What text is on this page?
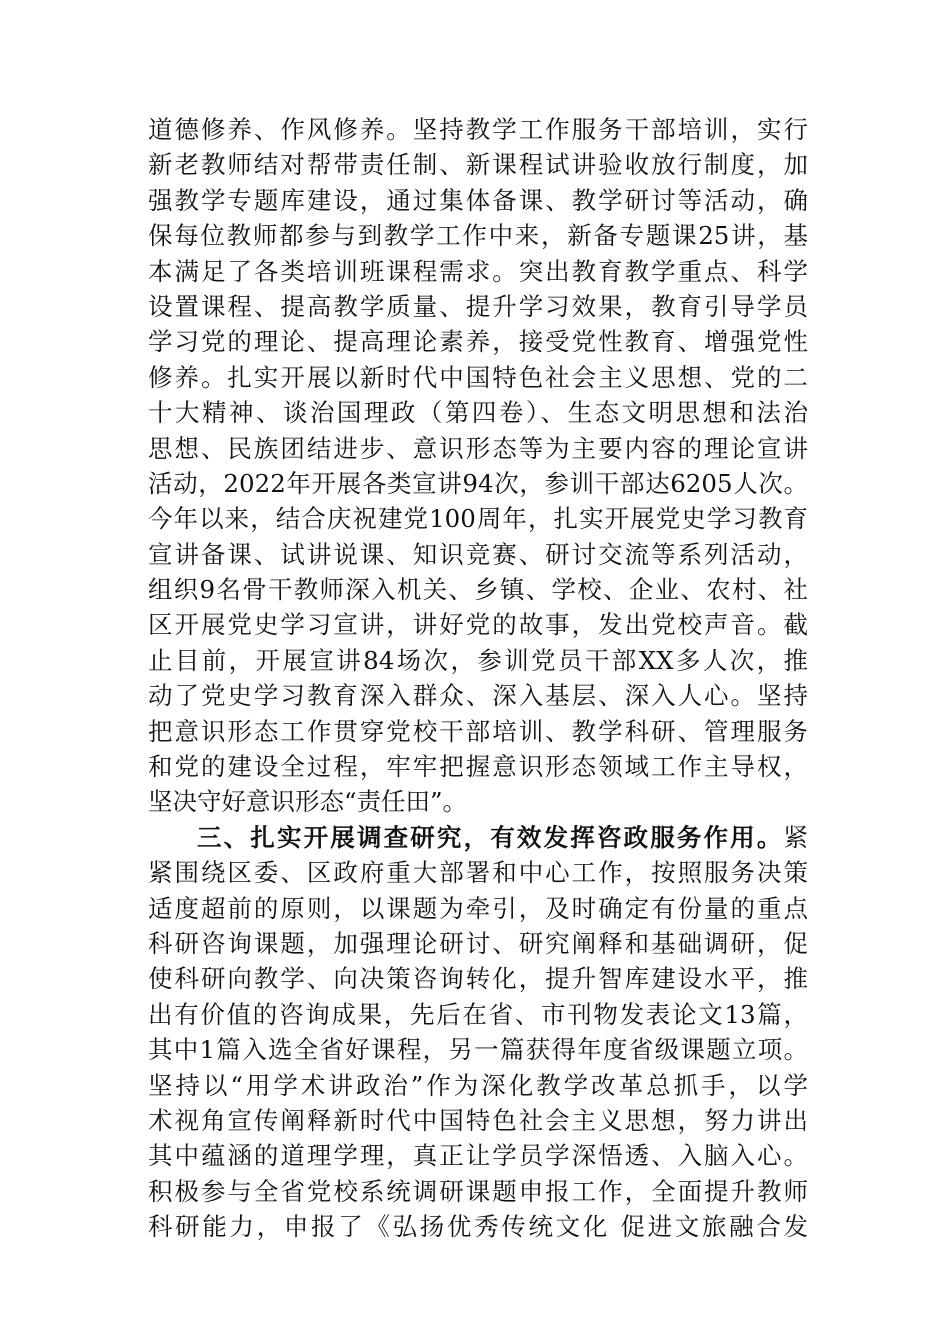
道德修养、作风修养。坚持教学工作服务干部培训，实行
新老教师结对帮带责任制、新课程试讲验收放行制度，加
强教学专题库建设，通过集体备课、教学研讨等活动，确
保每位教师都参与到教学工作中来，新备专题课25讲，基
本满足了各类培训班课程需求。突出教育教学重点、科学
设置课程、提高教学质量、提升学习效果，教育引导学员
学习党的理论、提高理论素养，接受党性教育、增强党性
修养。扎实开展以新时代中国特色社会主义思想、党的二
十大精神、谈治国理政（第四卷）、生态文明思想和法治
思想、民族团结进步、意识形态等为主要内容的理论宣讲
活动，2022年开展各类宣讲94次，参训干部达6205人次。
今年以来，结合庆祝建党100周年，扎实开展党史学习教育
宣讲备课、试讲说课、知识竞赛、研讨交流等系列活动，
组织9名骨干教师深入机关、乡镇、学校、企业、农村、社
区开展党史学习宣讲，讲好党的故事，发出党校声音。截
止目前，开展宣讲84场次，参训党员干部XX多人次，推
动了党史学习教育深入群众、深入基层、深入人心。坚持
把意识形态工作贯穿党校干部培训、教学科研、管理服务
和党的建设全过程，牢牢把握意识形态领域工作主导权，
坚决守好意识形态“责任田”。
三、扎实开展调查研究，有效发挥咨政服务作用。紧
紧围绕区委、区政府重大部署和中心工作，按照服务决策
适度超前的原则，以课题为牵引，及时确定有份量的重点
科研咨询课题，加强理论研讨、研究阐释和基础调研，促
使科研向教学、向决策咨询转化，提升智库建设水平，推
出有价值的咨询成果，先后在省、市刊物发表论文13篇，
其中1篇入选全省好课程，另一篇获得年度省级课题立项。
坚持以“用学术讲政治”作为深化教学改革总抓手，以学
术视角宣传阐释新时代中国特色社会主义思想，努力讲出
其中蕴涵的道理学理，真正让学员学深悟透、入脑入心。
积极参与全省党校系统调研课题申报工作，全面提升教师
科研能力，申报了《弘扬优秀传统文化 促进文旅融合发
